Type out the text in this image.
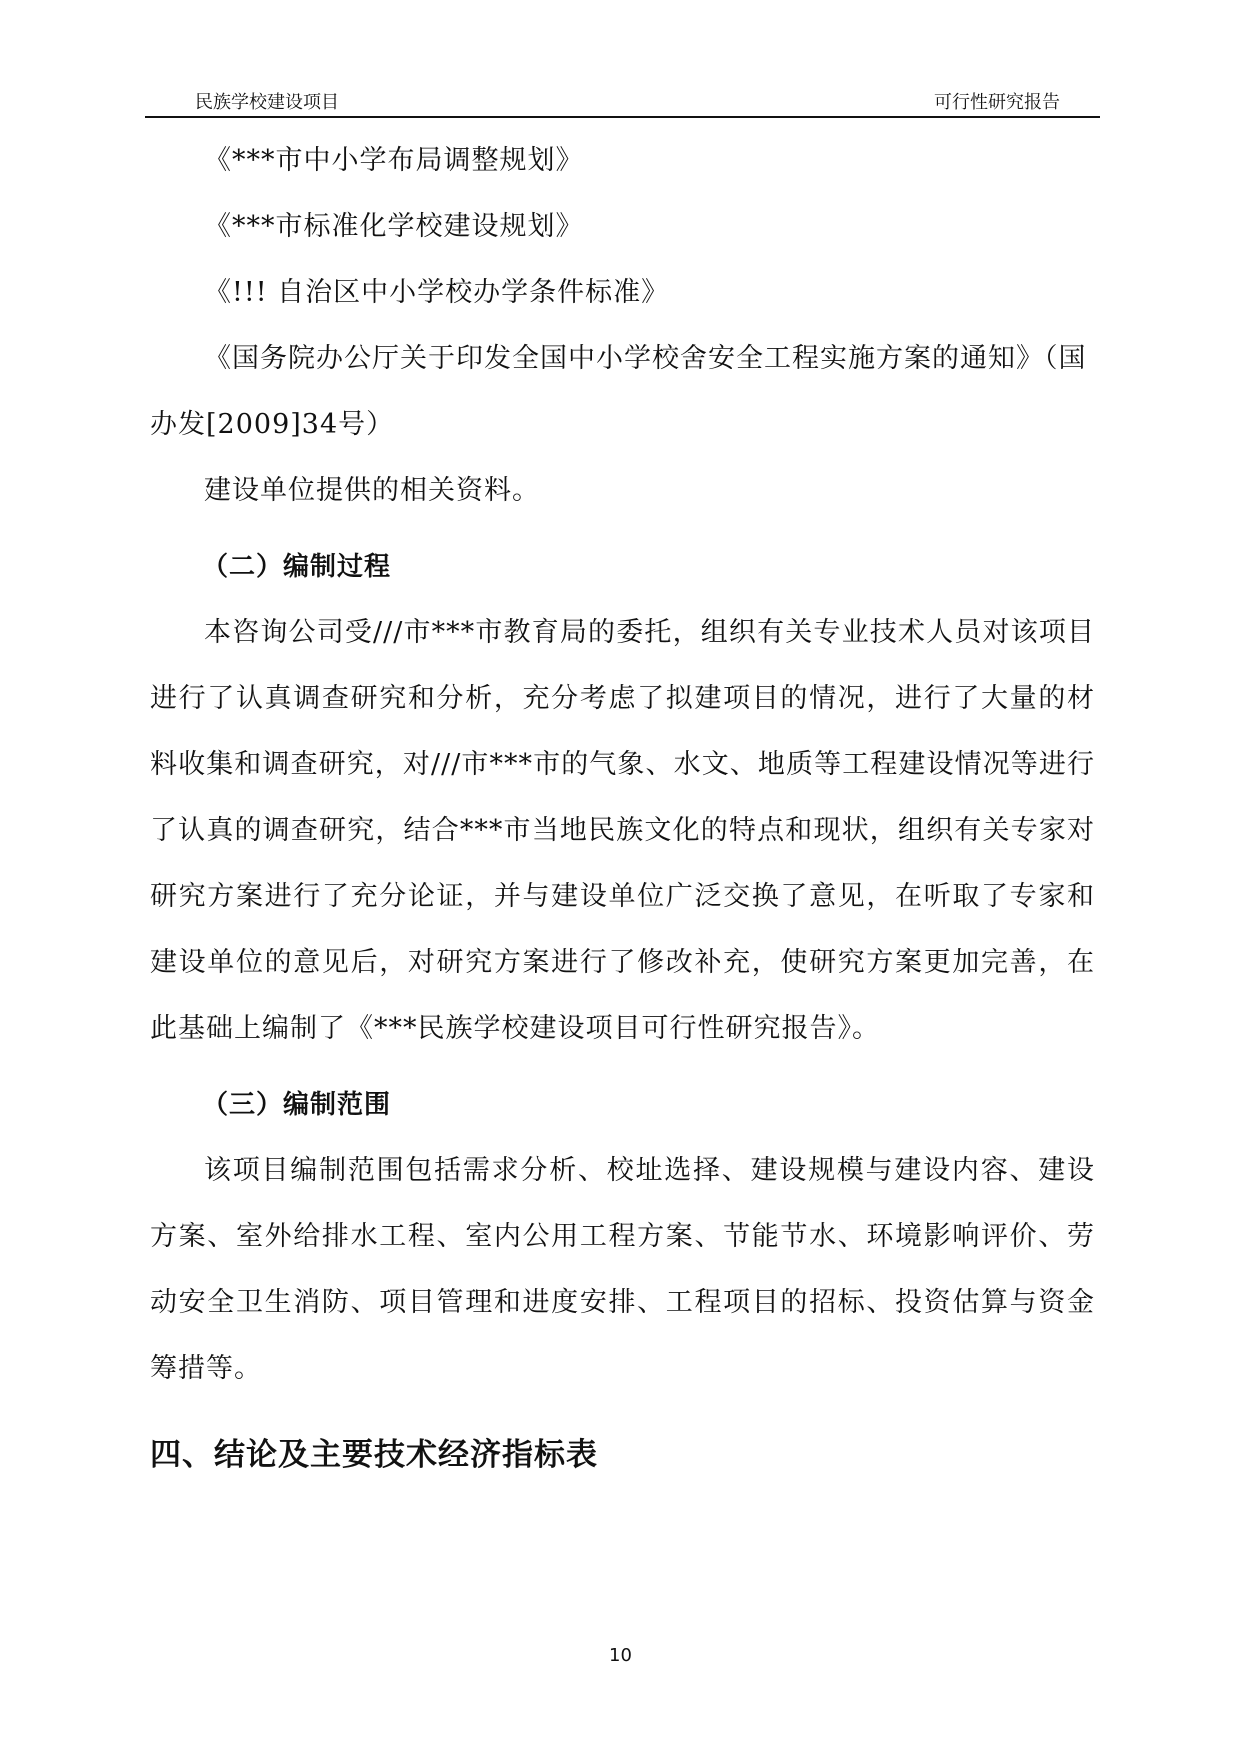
民族学校建设项目	可行性研究报告

《***市中小学布局调整规划》

《***市标准化学校建设规划》

《!!! 自治区中小学校办学条件标准》

《国务院办公厅关于印发全国中小学校舍安全工程实施方案的通知》（国办发[2009]34号）

建设单位提供的相关资料。

（二）编制过程

本咨询公司受///市***市教育局的委托，组织有关专业技术人员对该项目进行了认真调查研究和分析，充分考虑了拟建项目的情况，进行了大量的材料收集和调查研究，对///市***市的气象、水文、地质等工程建设情况等进行了认真的调查研究，结合***市当地民族文化的特点和现状，组织有关专家对研究方案进行了充分论证，并与建设单位广泛交换了意见，在听取了专家和建设单位的意见后，对研究方案进行了修改补充，使研究方案更加完善，在此基础上编制了《***民族学校建设项目可行性研究报告》。

（三）编制范围

该项目编制范围包括需求分析、校址选择、建设规模与建设内容、建设方案、室外给排水工程、室内公用工程方案、节能节水、环境影响评价、劳动安全卫生消防、项目管理和进度安排、工程项目的招标、投资估算与资金筹措等。

四、结论及主要技术经济指标表

10
